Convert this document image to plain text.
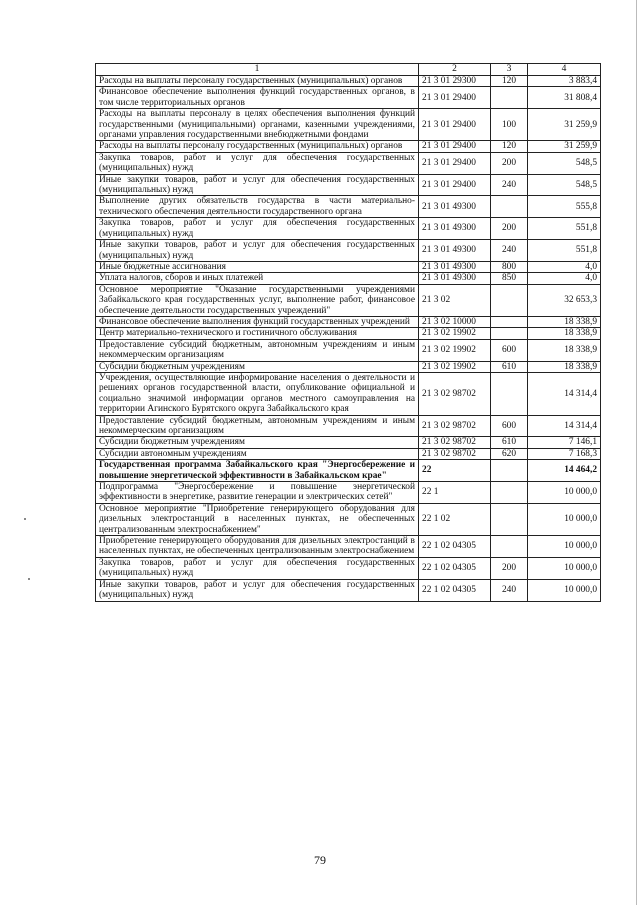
1	2	3	4
Расходы на выплаты персоналу государственных (муниципальных) органов	21 3 01 29300	120	3 883,4
Финансовое обеспечение выполнения функций государственных органов, в том числе территориальных органов	21 3 01 29400		31 808,4
Расходы на выплаты персоналу в целях обеспечения выполнения функций государственными (муниципальными) органами, казенными учреждениями, органами управления государственными внебюджетными фондами	21 3 01 29400	100	31 259,9
Расходы на выплаты персоналу государственных (муниципальных) органов	21 3 01 29400	120	31 259,9
Закупка товаров, работ и услуг для обеспечения государственных (муниципальных) нужд	21 3 01 29400	200	548,5
Иные закупки товаров, работ и услуг для обеспечения государственных (муниципальных) нужд	21 3 01 29400	240	548,5
Выполнение других обязательств государства в части материально-технического обеспечения деятельности государственного органа	21 3 01 49300		555,8
Закупка товаров, работ и услуг для обеспечения государственных (муниципальных) нужд	21 3 01 49300	200	551,8
Иные закупки товаров, работ и услуг для обеспечения государственных (муниципальных) нужд	21 3 01 49300	240	551,8
Иные бюджетные ассигнования	21 3 01 49300	800	4,0
Уплата налогов, сборов и иных платежей	21 3 01 49300	850	4,0
Основное мероприятие "Оказание государственными учреждениями Забайкальского края государственных услуг, выполнение работ, финансовое обеспечение деятельности государственных учреждений"	21 3 02		32 653,3
Финансовое обеспечение выполнения функций государственных учреждений	21 3 02 10000		18 338,9
Центр материально-технического и гостиничного обслуживания	21 3 02 19902		18 338,9
Предоставление субсидий бюджетным, автономным учреждениям и иным некоммерческим организациям	21 3 02 19902	600	18 338,9
Субсидии бюджетным учреждениям	21 3 02 19902	610	18 338,9
Учреждения, осуществляющие информирование населения о деятельности и решениях органов государственной власти, опубликование официальной и социально значимой информации органов местного самоуправления на территории Агинского Бурятского округа Забайкальского края	21 3 02 98702		14 314,4
Предоставление субсидий бюджетным, автономным учреждениям и иным некоммерческим организациям	21 3 02 98702	600	14 314,4
Субсидии бюджетным учреждениям	21 3 02 98702	610	7 146,1
Субсидии автономным учреждениям	21 3 02 98702	620	7 168,3
Государственная программа Забайкальского края "Энергосбережение и повышение энергетической эффективности в Забайкальском крае"	22		14 464,2
Подпрограмма "Энергосбережение и повышение энергетической эффективности в энергетике, развитие генерации и электрических сетей"	22 1		10 000,0
Основное мероприятие "Приобретение генерирующего оборудования для дизельных электростанций в населенных пунктах, не обеспеченных централизованным электроснабжением"	22 1 02		10 000,0
Приобретение генерирующего оборудования для дизельных электростанций в населенных пунктах, не обеспеченных централизованным электроснабжением	22 1 02 04305		10 000,0
Закупка товаров, работ и услуг для обеспечения государственных (муниципальных) нужд	22 1 02 04305	200	10 000,0
Иные закупки товаров, работ и услуг для обеспечения государственных (муниципальных) нужд	22 1 02 04305	240	10 000,0
79
